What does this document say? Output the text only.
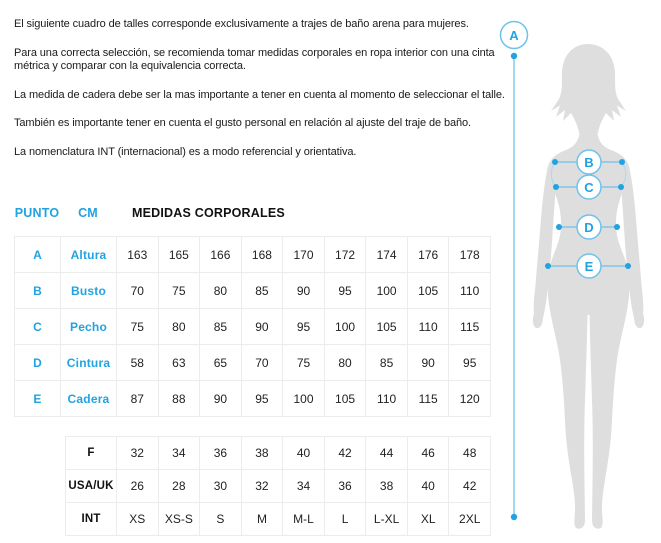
El siguiente cuadro de talles corresponde exclusivamente a trajes de baño arena para mujeres.

Para una correcta selección, se recomienda tomar medidas corporales en ropa interior con una cinta métrica y comparar con la equivalencia correcta.

La medida de cadera debe ser la mas importante a tener en cuenta al momento de seleccionar el talle.

También es importante tener en cuenta el gusto personal en relación al ajuste del traje de baño.

La nomenclatura INT (internacional) es a modo referencial y orientativa.

PUNTO	CM	MEDIDAS CORPORALES
A	Altura	163	165	166	168	170	172	174	176	178
B	Busto	70	75	80	85	90	95	100	105	110
C	Pecho	75	80	85	90	95	100	105	110	115
D	Cintura	58	63	65	70	75	80	85	90	95
E	Cadera	87	88	90	95	100	105	110	115	120
F	32	34	36	38	40	42	44	46	48
USA/UK	26	28	30	32	34	36	38	40	42
INT	XS	XS-S	S	M	M-L	L	L-XL	XL	2XL
A
B
C
D
E
